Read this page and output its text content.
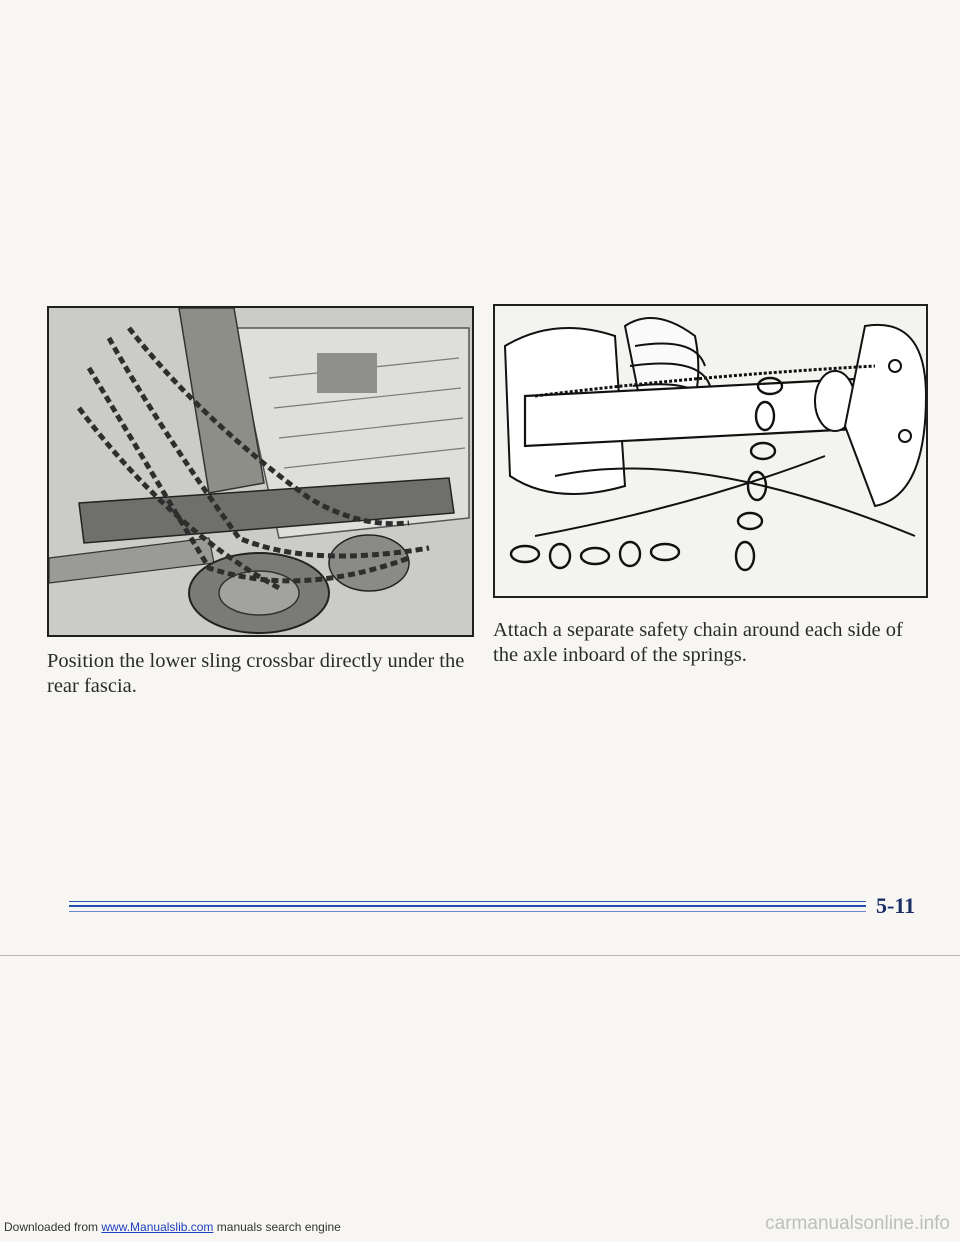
Position the lower sling crossbar directly under the rear fascia.

Attach a separate safety chain around each side of the axle inboard of the springs.

5-11
Downloaded from www.Manualslib.com manuals search engine	carmanualsonline.info
